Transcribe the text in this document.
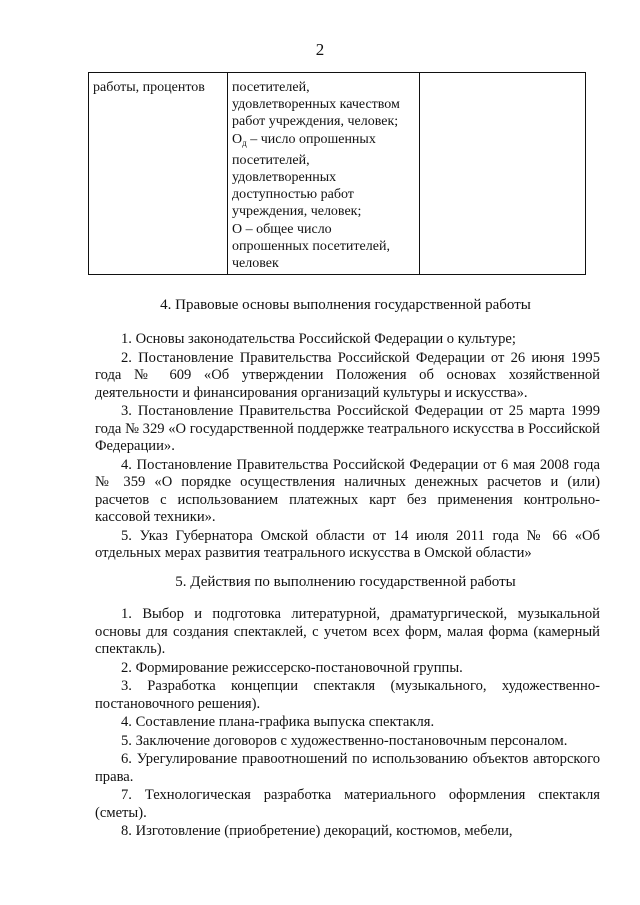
2
работы, процентов	посетителей,
удовлетворенных качеством
работ учреждения, человек;
$О_д$ – число опрошенных
посетителей,
удовлетворенных
доступностью работ
учреждения, человек;
О – общее число
опрошенных посетителей,
человек

4. Правовые основы выполнения государственной работы

1. Основы законодательства Российской Федерации о культуре;

2. Постановление Правительства Российской Федерации от 26 июня 1995 года № 609 «Об утверждении Положения об основах хозяйственной деятельности и финансирования организаций культуры и искусства».

3. Постановление Правительства Российской Федерации от 25 марта 1999 года № 329 «О государственной поддержке театрального искусства в Российской Федерации».

4. Постановление Правительства Российской Федерации от 6 мая 2008 года № 359 «О порядке осуществления наличных денежных расчетов и (или) расчетов с использованием платежных карт без применения контрольно-кассовой техники».

5. Указ Губернатора Омской области от 14 июля 2011 года № 66 «Об отдельных мерах развития театрального искусства в Омской области»

5. Действия по выполнению государственной работы

1. Выбор и подготовка литературной, драматургической, музыкальной основы для создания спектаклей, с учетом всех форм, малая форма (камерный спектакль).

2. Формирование режиссерско-постановочной группы.

3. Разработка концепции спектакля (музыкального, художественно-постановочного решения).

4. Составление плана-графика выпуска спектакля.

5. Заключение договоров с художественно-постановочным персоналом.

6. Урегулирование правоотношений по использованию объектов авторского права.

7. Технологическая разработка материального оформления спектакля (сметы).

8. Изготовление (приобретение) декораций, костюмов, мебели,
